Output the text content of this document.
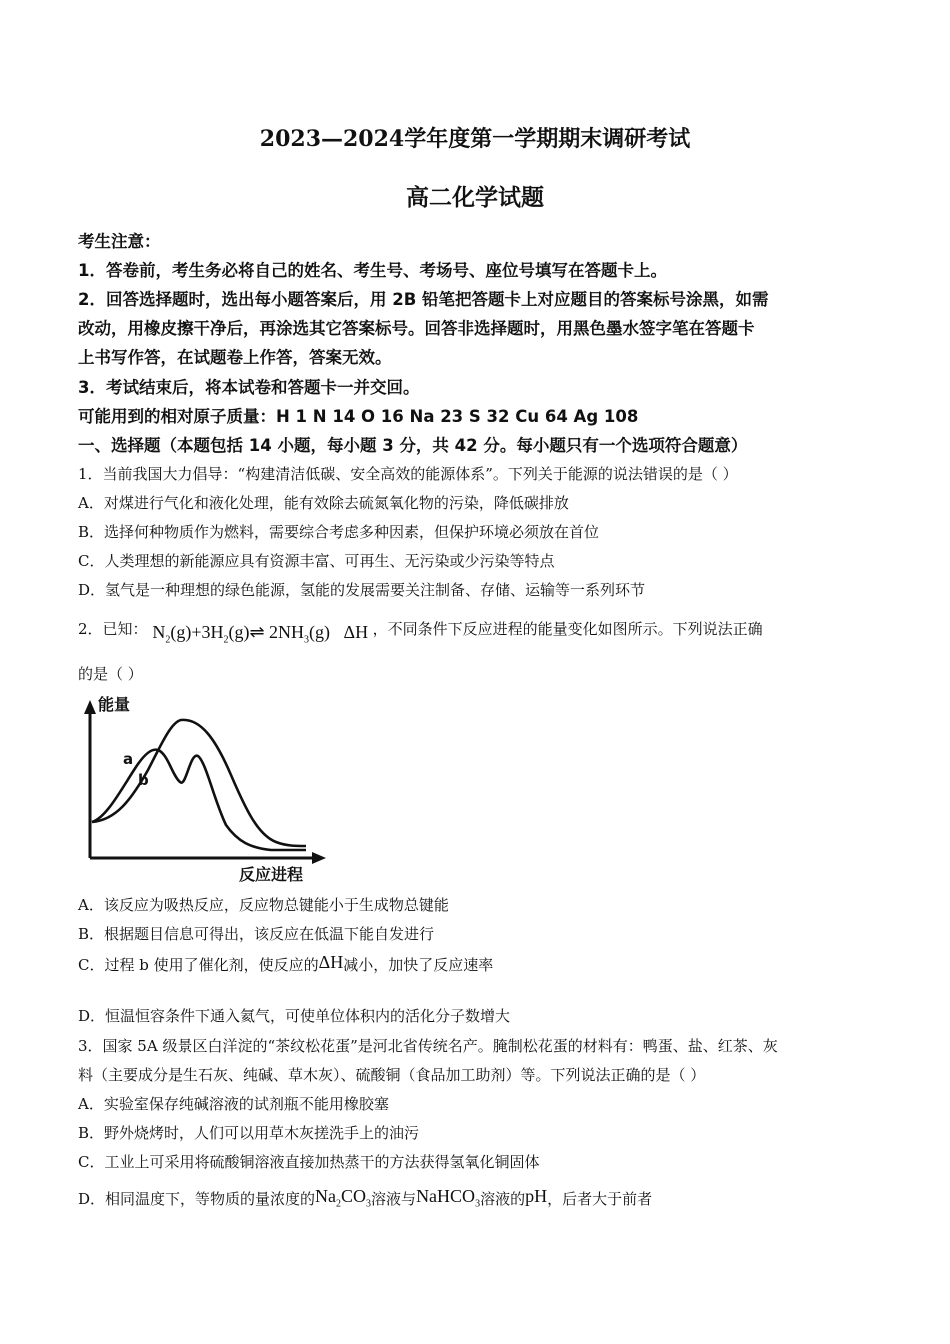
2023—2024学年度第一学期期末调研考试
高二化学试题
考生注意：
1．答卷前，考生务必将自己的姓名、考生号、考场号、座位号填写在答题卡上。
2．回答选择题时，选出每小题答案后，用 2B 铅笔把答题卡上对应题目的答案标号涂黑，如需
改动，用橡皮擦干净后，再涂选其它答案标号。回答非选择题时，用黑色墨水签字笔在答题卡
上书写作答，在试题卷上作答，答案无效。
3．考试结束后，将本试卷和答题卡一并交回。
可能用到的相对原子质量：H 1 N 14 O 16 Na 23 S 32 Cu 64 Ag 108
一、选择题（本题包括 14 小题，每小题 3 分，共 42 分。每小题只有一个选项符合题意）
1．当前我国大力倡导：“构建清洁低碳、安全高效的能源体系”。下列关于能源的说法错误的是（ ）
A．对煤进行气化和液化处理，能有效除去硫氮氧化物的污染，降低碳排放
B．选择何种物质作为燃料，需要综合考虑多种因素，但保护环境必须放在首位
C．人类理想的新能源应具有资源丰富、可再生、无污染或少污染等特点
D．氢气是一种理想的绿色能源，氢能的发展需要关注制备、存储、运输等一系列环节
2．已知： $N_2(g)+3H_2(g)\rightleftharpoons$ $2NH_3(g)$ ΔH ，不同条件下反应进程的能量变化如图所示。下列说法正确
的是（ ）
能量
反应进程
a
b
A．该反应为吸热反应，反应物总键能小于生成物总键能
B．根据题目信息可得出，该反应在低温下能自发进行
C．过程 b 使用了催化剂，使反应的ΔH减小，加快了反应速率
D．恒温恒容条件下通入氦气，可使单位体积内的活化分子数增大
3．国家 5A 级景区白洋淀的“茶纹松花蛋”是河北省传统名产。腌制松花蛋的材料有：鸭蛋、盐、红茶、灰
料（主要成分是生石灰、纯碱、草木灰）、硫酸铜（食品加工助剂）等。下列说法正确的是（ ）
A．实验室保存纯碱溶液的试剂瓶不能用橡胶塞
B．野外烧烤时，人们可以用草木灰搓洗手上的油污
C．工业上可采用将硫酸铜溶液直接加热蒸干的方法获得氢氧化铜固体
D．相同温度下，等物质的量浓度的$Na_2CO_3$溶液与NaHCO$_3$溶液的pH，后者大于前者
